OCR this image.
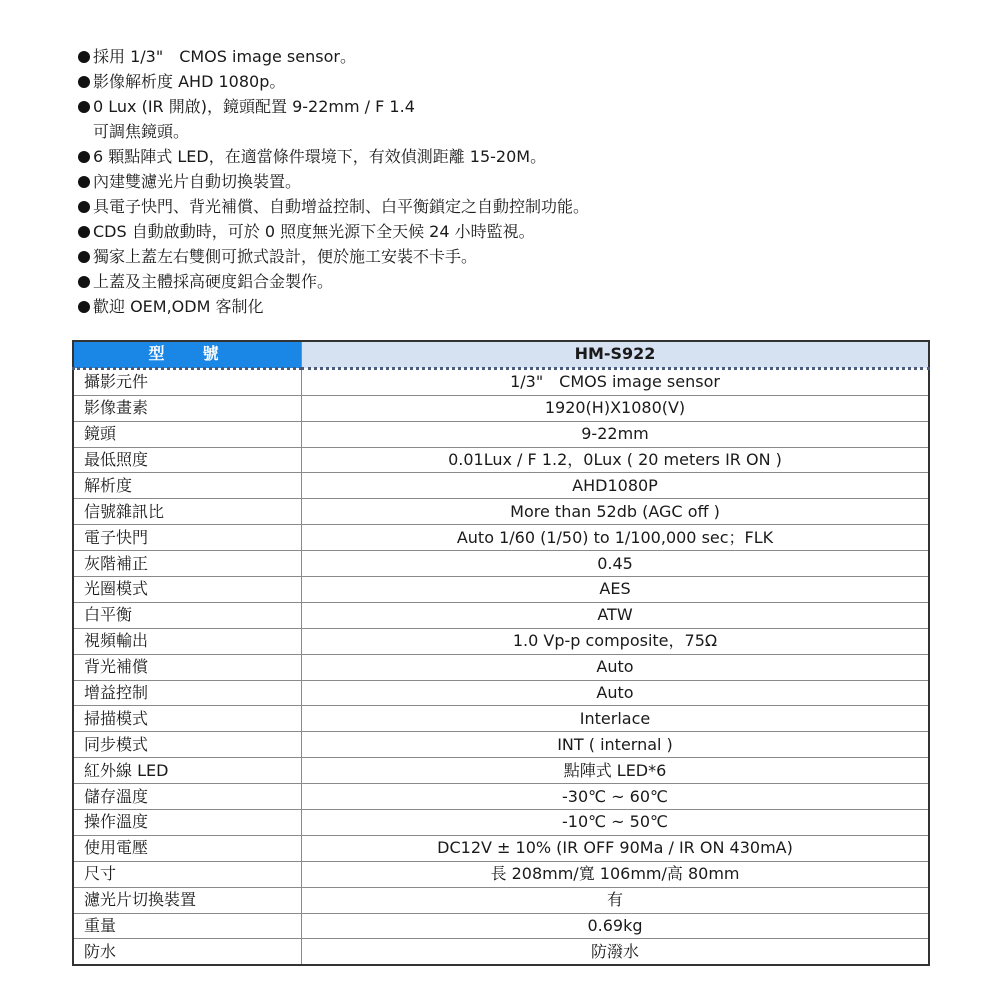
採用 1/3"　CMOS image sensor。
影像解析度 AHD 1080p。
0 Lux (IR 開啟)，鏡頭配置 9-22mm / F 1.4
可調焦鏡頭。
6 顆點陣式 LED，在適當條件環境下，有效偵測距離 15-20M。
內建雙濾光片自動切換裝置。
具電子快門、背光補償、自動增益控制、白平衡鎖定之自動控制功能。
CDS 自動啟動時，可於 0 照度無光源下全天候 24 小時監視。
獨家上蓋左右雙側可掀式設計，便於施工安裝不卡手。
上蓋及主體採高硬度鋁合金製作。
歡迎 OEM,ODM 客制化
型號	HM-S922
攝影元件	1/3"　CMOS image sensor
影像畫素	1920(H)X1080(V)
鏡頭	9-22mm
最低照度	0.01Lux / F 1.2，0Lux ( 20 meters IR ON )
解析度	AHD1080P
信號雜訊比	More than 52db (AGC off )
電子快門	Auto 1/60 (1/50) to 1/100,000 sec；FLK
灰階補正	0.45
光圈模式	AES
白平衡	ATW
視頻輸出	1.0 Vp-p composite，75Ω
背光補償	Auto
增益控制	Auto
掃描模式	Interlace
同步模式	INT ( internal )
紅外線 LED	點陣式 LED*6
儲存溫度	-30℃ ~ 60℃
操作溫度	-10℃ ~ 50℃
使用電壓	DC12V ± 10% (IR OFF 90Ma / IR ON 430mA)
尺寸	長 208mm/寬 106mm/高 80mm
濾光片切換裝置	有
重量	0.69kg
防水	防潑水
